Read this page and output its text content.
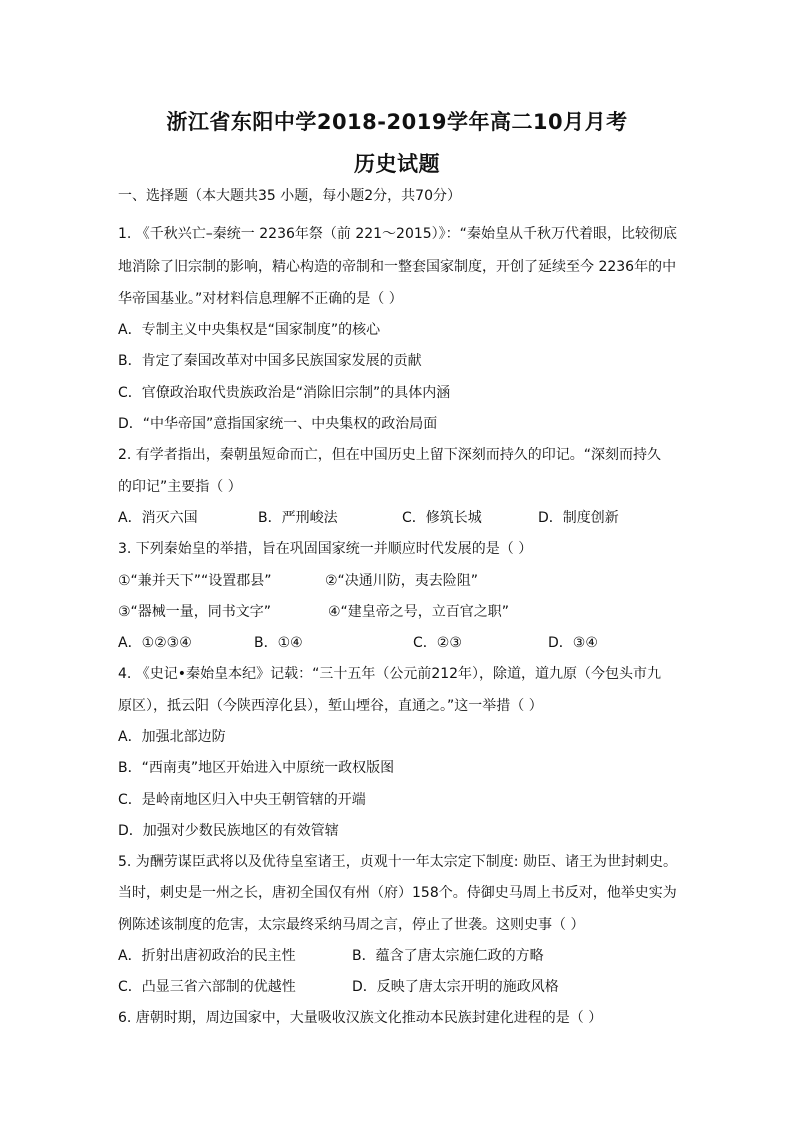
浙江省东阳中学2018-2019学年高二10月月考
历史试题
一、选择题（本大题共35 小题，每小题2分，共70分）
1. 《千秋兴亡–秦统一 2236年祭（前 221～2015）》：“秦始皇从千秋万代着眼，比较彻底
地消除了旧宗制的影响，精心构造的帝制和一整套国家制度，开创了延续至今 2236年的中
华帝国基业。”对材料信息理解不正确的是（ ）
A．专制主义中央集权是“国家制度”的核心
B．肯定了秦国改革对中国多民族国家发展的贡献
C．官僚政治取代贵族政治是“消除旧宗制”的具体内涵
D．“中华帝国”意指国家统一、中央集权的政治局面
2. 有学者指出，秦朝虽短命而亡，但在中国历史上留下深刻而持久的印记。“深刻而持久
的印记”主要指（ ）
A．消灭六国	B．严刑峻法	C．修筑长城	D．制度创新
3. 下列秦始皇的举措，旨在巩固国家统一并顺应时代发展的是（ ）
①“兼并天下”“设置郡县”	②“决通川防，夷去险阻”
③“器械一量，同书文字”	④“建皇帝之号，立百官之职”
A．①②③④	B．①④	C．②③	D．③④
4. 《史记•秦始皇本纪》记载：“三十五年（公元前212年），除道，道九原（今包头市九
原区），抵云阳（今陕西淳化县），堑山堙谷，直通之。”这一举措（ ）
A．加强北部边防
B．“西南夷”地区开始进入中原统一政权版图
C．是岭南地区归入中央王朝管辖的开端
D．加强对少数民族地区的有效管辖
5. 为酬劳谋臣武将以及优待皇室诸王，贞观十一年太宗定下制度: 勋臣、诸王为世封刺史。
当时，刺史是一州之长，唐初全国仅有州（府）158个。侍御史马周上书反对，他举史实为
例陈述该制度的危害，太宗最终采纳马周之言，停止了世袭。这则史事（ ）
A．折射出唐初政治的民主性	B．蕴含了唐太宗施仁政的方略
C．凸显三省六部制的优越性	D．反映了唐太宗开明的施政风格
6. 唐朝时期，周边国家中，大量吸收汉族文化推动本民族封建化进程的是（ ）
